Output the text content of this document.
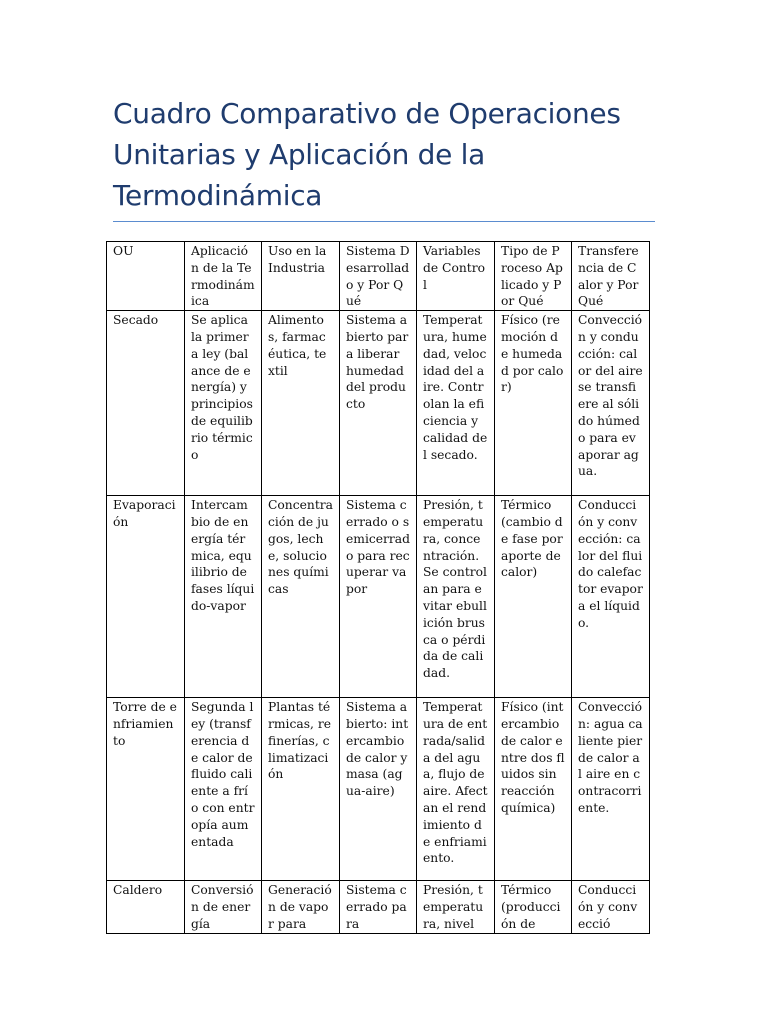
Cuadro Comparativo de Operaciones Unitarias y Aplicación de la Termodinámica
OU	Aplicación de la Termodinámica	Uso en la Industria	Sistema Desarrollado y Por Qué	Variables de Control	Tipo de Proceso Aplicado y Por Qué	Transferencia de Calor y Por Qué
Secado	Se aplica la primera ley (balance de energía) y principios de equilibrio térmico	Alimentos, farmacéutica, textil	Sistema abierto para liberar humedad del producto	Temperatura, humedad, velocidad del aire. Controlan la eficiencia y calidad del secado.	Físico (remoción de humedad por calor)	Convección y conducción: calor del aire se transfiere al sólido húmedo para evaporar agua.
Evaporación	Intercambio de energía térmica, equilibrio de fases líquido-vapor	Concentración de jugos, leche, soluciones químicas	Sistema cerrado o semicerrado para recuperar vapor	Presión, temperatura, concentración. Se controlan para evitar ebullición brusca o pérdida de calidad.	Térmico (cambio de fase por aporte de calor)	Conducción y convección: calor del fluido calefactor evapora el líquido.
Torre de enfriamiento	Segunda ley (transferencia de calor de fluido caliente a frío con entropía aumentada	Plantas térmicas, refinerías, climatización	Sistema abierto: intercambio de calor y masa (agua-aire)	Temperatura de entrada/salida del agua, flujo de aire. Afectan el rendimiento de enfriamiento.	Físico (intercambio de calor entre dos fluidos sin reacción química)	Convección: agua caliente pierde calor al aire en contracorriente.
Caldero	Conversión de energía	Generación de vapor para	Sistema cerrado para	Presión, temperatura, nivel	Térmico (producción de	Conducción y convecció
